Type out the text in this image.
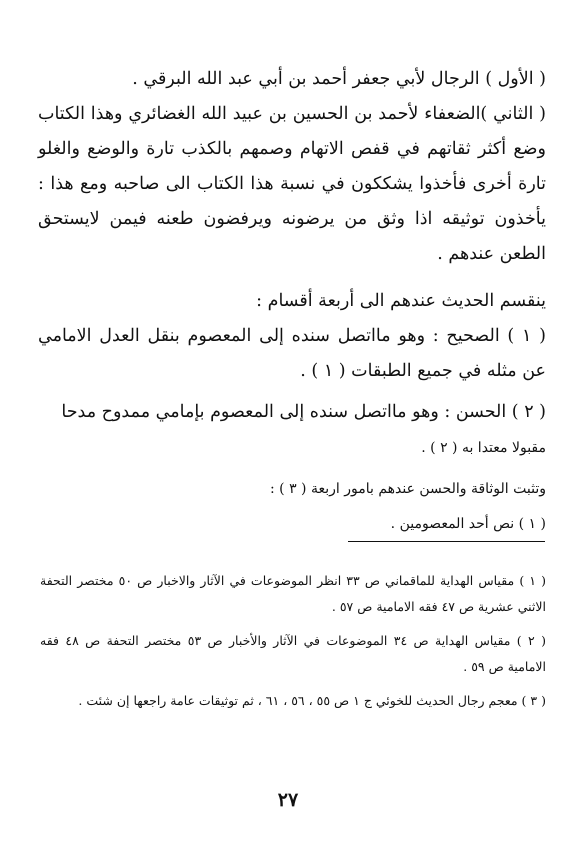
( الأول ) الرجال لأبي جعفر أحمد بن أبي عبد الله البرقي .

( الثاني )الضعفاء لأحمد بن الحسين بن عبيد الله الغضائري وهذا الكتاب وضع أكثر ثقاتهم في قفص الاتهام وصمهم بالكذب تارة والوضع والغلو تارة أخرى فأخذوا يشككون في نسبة هذا الكتاب الى صاحبه ومع هذا : يأخذون توثيقه اذا وثق من يرضونه ويرفضون طعنه فيمن لايستحق الطعن عندهم .

ينقسم الحديث عندهم الى أربعة أقسام :

( ١ ) الصحيح : وهو مااتصل سنده إلى المعصوم بنقل العدل الامامي عن مثله في جميع الطبقات ( ١ ) .

( ٢ ) الحسن : وهو مااتصل سنده إلى المعصوم بإمامي ممدوح مدحا
مقبولا معتدا به ( ٢ ) .

وتثبت الوثاقة والحسن عندهم بامور اربعة ( ٣ ) :

( ١ ) نص أحد المعصومين .

( ١ ) مقياس الهداية للماقماني ص ٣٣ انظر الموضوعات في الآثار والاخبار ص ٥٠ مختصر التحفة الاثني عشرية ص ٤٧ فقه الامامية ص ٥٧ .

( ٢ ) مقياس الهداية ص ٣٤ الموضوعات في الآثار والأخبار ص ٥٣ مختصر التحفة ص ٤٨ فقه الامامية ص ٥٩ .

( ٣ ) معجم رجال الحديث للخوئي ج ١ ص ٥٥ ، ٥٦ ، ٦١ ، ثم توثيقات عامة راجعها إن شئت .

٢٧
